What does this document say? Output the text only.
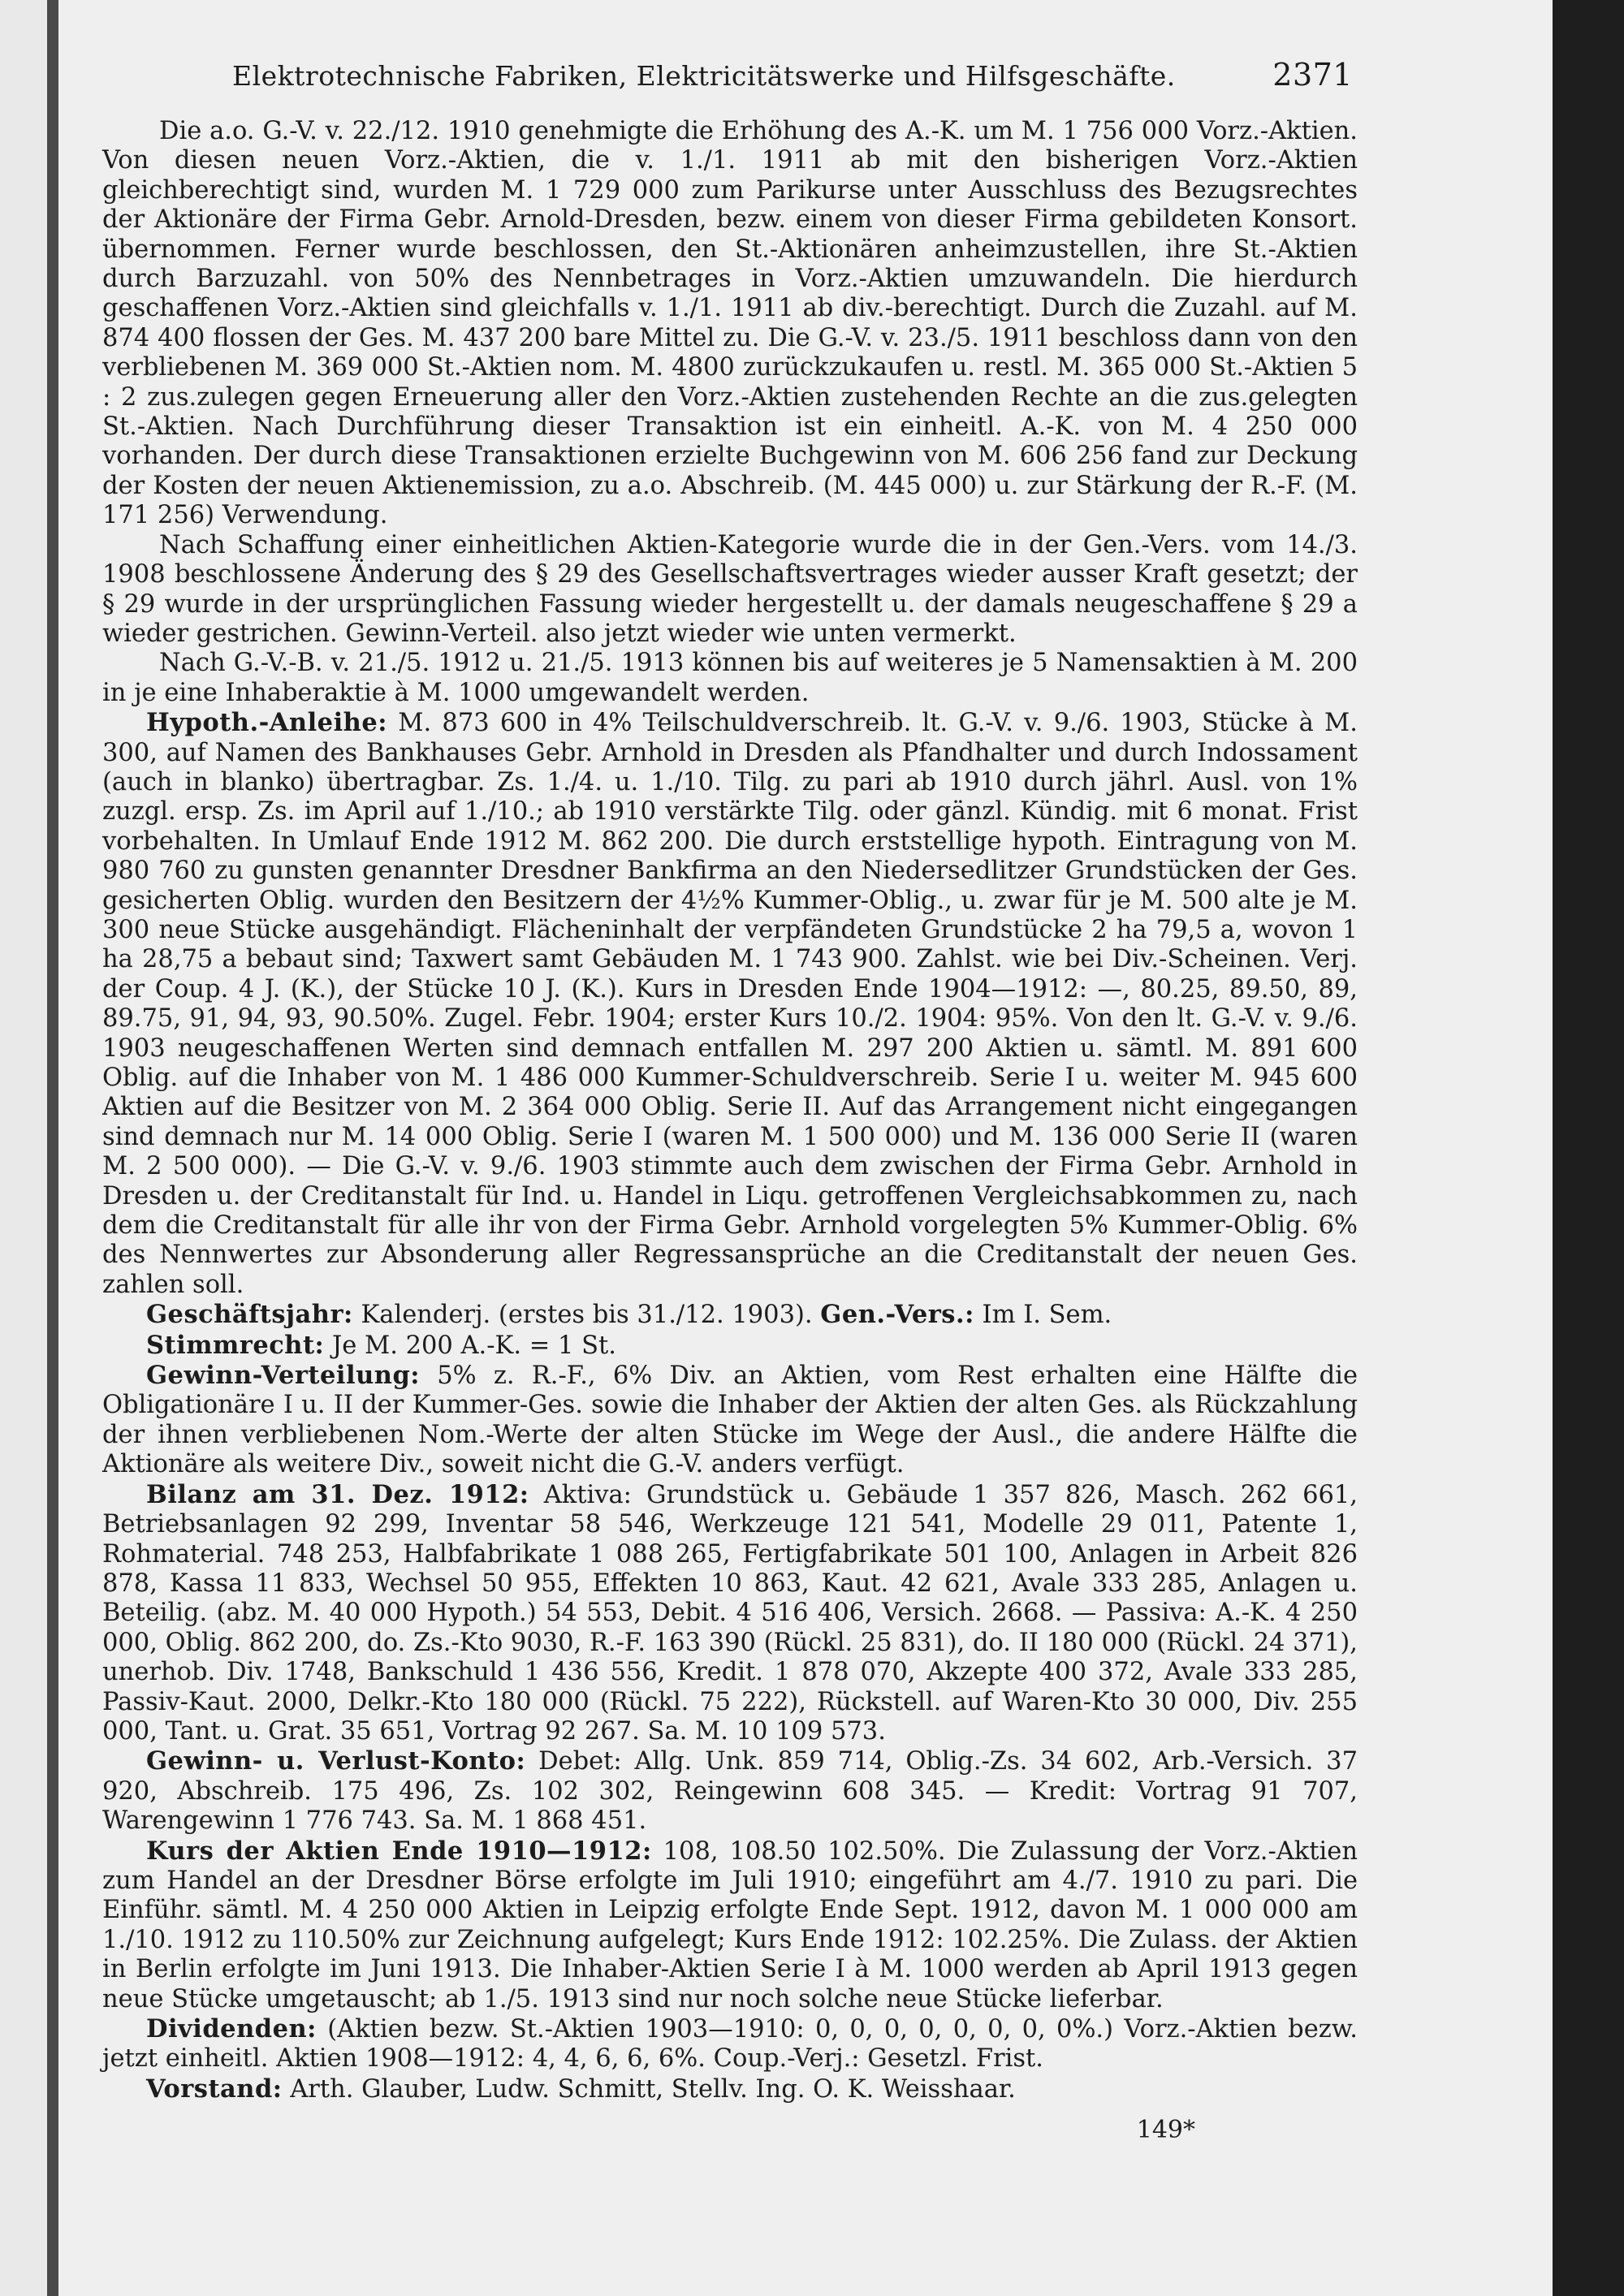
Elektrotechnische Fabriken, Elektricitätswerke und Hilfsgeschäfte.	2371

Die a.o. G.-V. v. 22./12. 1910 genehmigte die Erhöhung des A.-K. um M. 1 756 000 Vorz.-Aktien. Von diesen neuen Vorz.-Aktien, die v. 1./1. 1911 ab mit den bisherigen Vorz.-Aktien gleichberechtigt sind, wurden M. 1 729 000 zum Parikurse unter Ausschluss des Bezugsrechtes der Aktionäre der Firma Gebr. Arnold-Dresden, bezw. einem von dieser Firma gebildeten Konsort. übernommen. Ferner wurde beschlossen, den St.-Aktionären anheimzustellen, ihre St.-Aktien durch Barzuzahl. von 50% des Nennbetrages in Vorz.-Aktien umzuwandeln. Die hierdurch geschaffenen Vorz.-Aktien sind gleichfalls v. 1./1. 1911 ab div.-berechtigt. Durch die Zuzahl. auf M. 874 400 flossen der Ges. M. 437 200 bare Mittel zu. Die G.-V. v. 23./5. 1911 beschloss dann von den verbliebenen M. 369 000 St.-Aktien nom. M. 4800 zurückzukaufen u. restl. M. 365 000 St.-Aktien 5 : 2 zus.zulegen gegen Erneuerung aller den Vorz.-Aktien zustehenden Rechte an die zus.gelegten St.-Aktien. Nach Durchführung dieser Transaktion ist ein einheitl. A.-K. von M. 4 250 000 vorhanden. Der durch diese Transaktionen erzielte Buchgewinn von M. 606 256 fand zur Deckung der Kosten der neuen Aktienemission, zu a.o. Abschreib. (M. 445 000) u. zur Stärkung der R.-F. (M. 171 256) Verwendung.

Nach Schaffung einer einheitlichen Aktien-Kategorie wurde die in der Gen.-Vers. vom 14./3. 1908 beschlossene Änderung des § 29 des Gesellschaftsvertrages wieder ausser Kraft gesetzt; der § 29 wurde in der ursprünglichen Fassung wieder hergestellt u. der damals neugeschaffene § 29 a wieder gestrichen. Gewinn-Verteil. also jetzt wieder wie unten vermerkt.

Nach G.-V.-B. v. 21./5. 1912 u. 21./5. 1913 können bis auf weiteres je 5 Namensaktien à M. 200 in je eine Inhaberaktie à M. 1000 umgewandelt werden.

Hypoth.-Anleihe: M. 873 600 in 4% Teilschuldverschreib. lt. G.-V. v. 9./6. 1903, Stücke à M. 300, auf Namen des Bankhauses Gebr. Arnhold in Dresden als Pfandhalter und durch Indossament (auch in blanko) übertragbar. Zs. 1./4. u. 1./10. Tilg. zu pari ab 1910 durch jährl. Ausl. von 1% zuzgl. ersp. Zs. im April auf 1./10.; ab 1910 verstärkte Tilg. oder gänzl. Kündig. mit 6 monat. Frist vorbehalten. In Umlauf Ende 1912 M. 862 200. Die durch erststellige hypoth. Eintragung von M. 980 760 zu gunsten genannter Dresdner Bankfirma an den Niedersedlitzer Grundstücken der Ges. gesicherten Oblig. wurden den Besitzern der 4½% Kummer-Oblig., u. zwar für je M. 500 alte je M. 300 neue Stücke ausgehändigt. Flächeninhalt der verpfändeten Grundstücke 2 ha 79,5 a, wovon 1 ha 28,75 a bebaut sind; Taxwert samt Gebäuden M. 1 743 900. Zahlst. wie bei Div.-Scheinen. Verj. der Coup. 4 J. (K.), der Stücke 10 J. (K.). Kurs in Dresden Ende 1904—1912: —, 80.25, 89.50, 89, 89.75, 91, 94, 93, 90.50%. Zugel. Febr. 1904; erster Kurs 10./2. 1904: 95%. Von den lt. G.-V. v. 9./6. 1903 neugeschaffenen Werten sind demnach entfallen M. 297 200 Aktien u. sämtl. M. 891 600 Oblig. auf die Inhaber von M. 1 486 000 Kummer-Schuldverschreib. Serie I u. weiter M. 945 600 Aktien auf die Besitzer von M. 2 364 000 Oblig. Serie II. Auf das Arrangement nicht eingegangen sind demnach nur M. 14 000 Oblig. Serie I (waren M. 1 500 000) und M. 136 000 Serie II (waren M. 2 500 000). — Die G.-V. v. 9./6. 1903 stimmte auch dem zwischen der Firma Gebr. Arnhold in Dresden u. der Creditanstalt für Ind. u. Handel in Liqu. getroffenen Vergleichsabkommen zu, nach dem die Creditanstalt für alle ihr von der Firma Gebr. Arnhold vorgelegten 5% Kummer-Oblig. 6% des Nennwertes zur Absonderung aller Regressansprüche an die Creditanstalt der neuen Ges. zahlen soll.

Geschäftsjahr: Kalenderj. (erstes bis 31./12. 1903). Gen.-Vers.: Im I. Sem.

Stimmrecht: Je M. 200 A.-K. = 1 St.

Gewinn-Verteilung: 5% z. R.-F., 6% Div. an Aktien, vom Rest erhalten eine Hälfte die Obligationäre I u. II der Kummer-Ges. sowie die Inhaber der Aktien der alten Ges. als Rückzahlung der ihnen verbliebenen Nom.-Werte der alten Stücke im Wege der Ausl., die andere Hälfte die Aktionäre als weitere Div., soweit nicht die G.-V. anders verfügt.

Bilanz am 31. Dez. 1912: Aktiva: Grundstück u. Gebäude 1 357 826, Masch. 262 661, Betriebsanlagen 92 299, Inventar 58 546, Werkzeuge 121 541, Modelle 29 011, Patente 1, Rohmaterial. 748 253, Halbfabrikate 1 088 265, Fertigfabrikate 501 100, Anlagen in Arbeit 826 878, Kassa 11 833, Wechsel 50 955, Effekten 10 863, Kaut. 42 621, Avale 333 285, Anlagen u. Beteilig. (abz. M. 40 000 Hypoth.) 54 553, Debit. 4 516 406, Versich. 2668. — Passiva: A.-K. 4 250 000, Oblig. 862 200, do. Zs.-Kto 9030, R.-F. 163 390 (Rückl. 25 831), do. II 180 000 (Rückl. 24 371), unerhob. Div. 1748, Bankschuld 1 436 556, Kredit. 1 878 070, Akzepte 400 372, Avale 333 285, Passiv-Kaut. 2000, Delkr.-Kto 180 000 (Rückl. 75 222), Rückstell. auf Waren-Kto 30 000, Div. 255 000, Tant. u. Grat. 35 651, Vortrag 92 267. Sa. M. 10 109 573.

Gewinn- u. Verlust-Konto: Debet: Allg. Unk. 859 714, Oblig.-Zs. 34 602, Arb.-Versich. 37 920, Abschreib. 175 496, Zs. 102 302, Reingewinn 608 345. — Kredit: Vortrag 91 707, Warengewinn 1 776 743. Sa. M. 1 868 451.

Kurs der Aktien Ende 1910—1912: 108, 108.50 102.50%. Die Zulassung der Vorz.-Aktien zum Handel an der Dresdner Börse erfolgte im Juli 1910; eingeführt am 4./7. 1910 zu pari. Die Einführ. sämtl. M. 4 250 000 Aktien in Leipzig erfolgte Ende Sept. 1912, davon M. 1 000 000 am 1./10. 1912 zu 110.50% zur Zeichnung aufgelegt; Kurs Ende 1912: 102.25%. Die Zulass. der Aktien in Berlin erfolgte im Juni 1913. Die Inhaber-Aktien Serie I à M. 1000 werden ab April 1913 gegen neue Stücke umgetauscht; ab 1./5. 1913 sind nur noch solche neue Stücke lieferbar.

Dividenden: (Aktien bezw. St.-Aktien 1903—1910: 0, 0, 0, 0, 0, 0, 0, 0%.) Vorz.-Aktien bezw. jetzt einheitl. Aktien 1908—1912: 4, 4, 6, 6, 6%. Coup.-Verj.: Gesetzl. Frist.

Vorstand: Arth. Glauber, Ludw. Schmitt, Stellv. Ing. O. K. Weisshaar.

149*
